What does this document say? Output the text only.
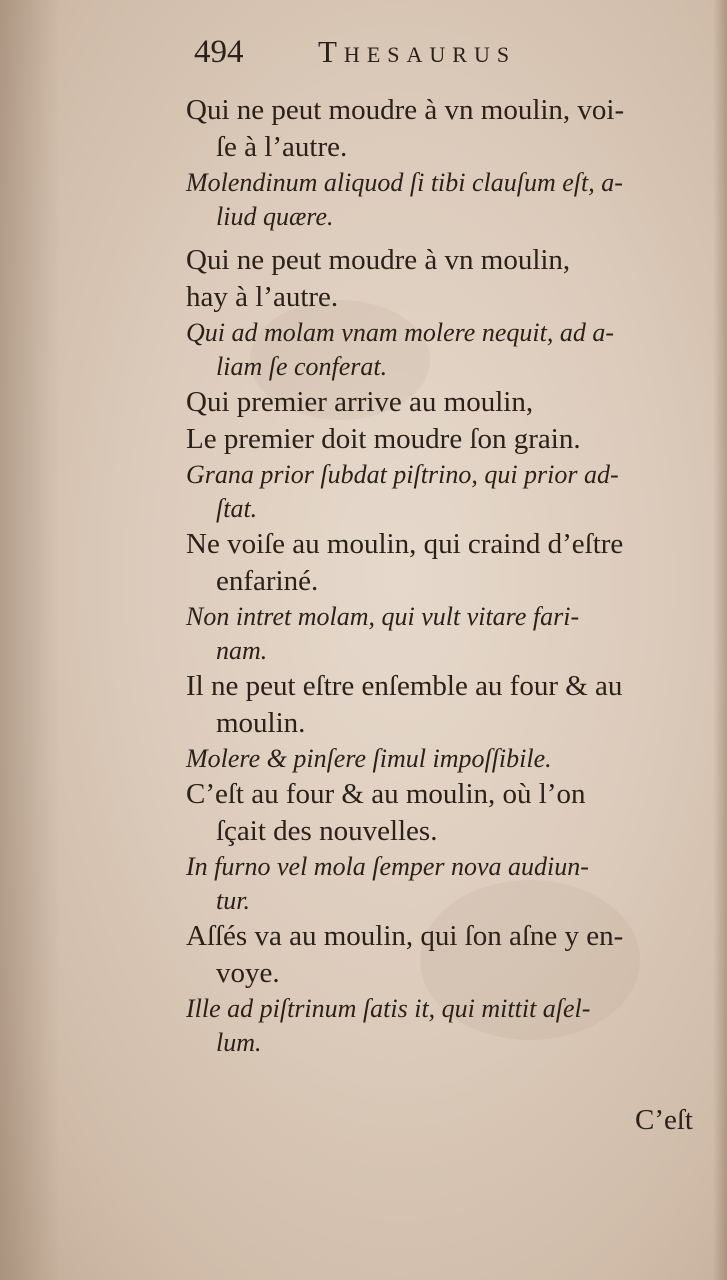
494 Thesaurus
Qui ne peut moudre à vn moulin, voi-
ſe à l’autre.
Molendinum aliquod ſi tibi clauſum eſt, a-
liud quære.
Qui ne peut moudre à vn moulin,
hay à l’autre.
Qui ad molam vnam molere nequit, ad a-
liam ſe conferat.
Qui premier arrive au moulin,
Le premier doit moudre ſon grain.
Grana prior ſubdat piſtrino, qui prior ad-
ſtat.
Ne voiſe au moulin, qui craind d’eſtre
enfariné.
Non intret molam, qui vult vitare fari-
nam.
Il ne peut eſtre enſemble au four & au
moulin.
Molere & pinſere ſimul impoſſibile.
C’eſt au four & au moulin, où l’on
ſçait des nouvelles.
In furno vel mola ſemper nova audiun-
tur.
Aſſés va au moulin, qui ſon aſne y en-
voye.
Ille ad piſtrinum ſatis it, qui mittit aſel-
lum.
C’eſt
